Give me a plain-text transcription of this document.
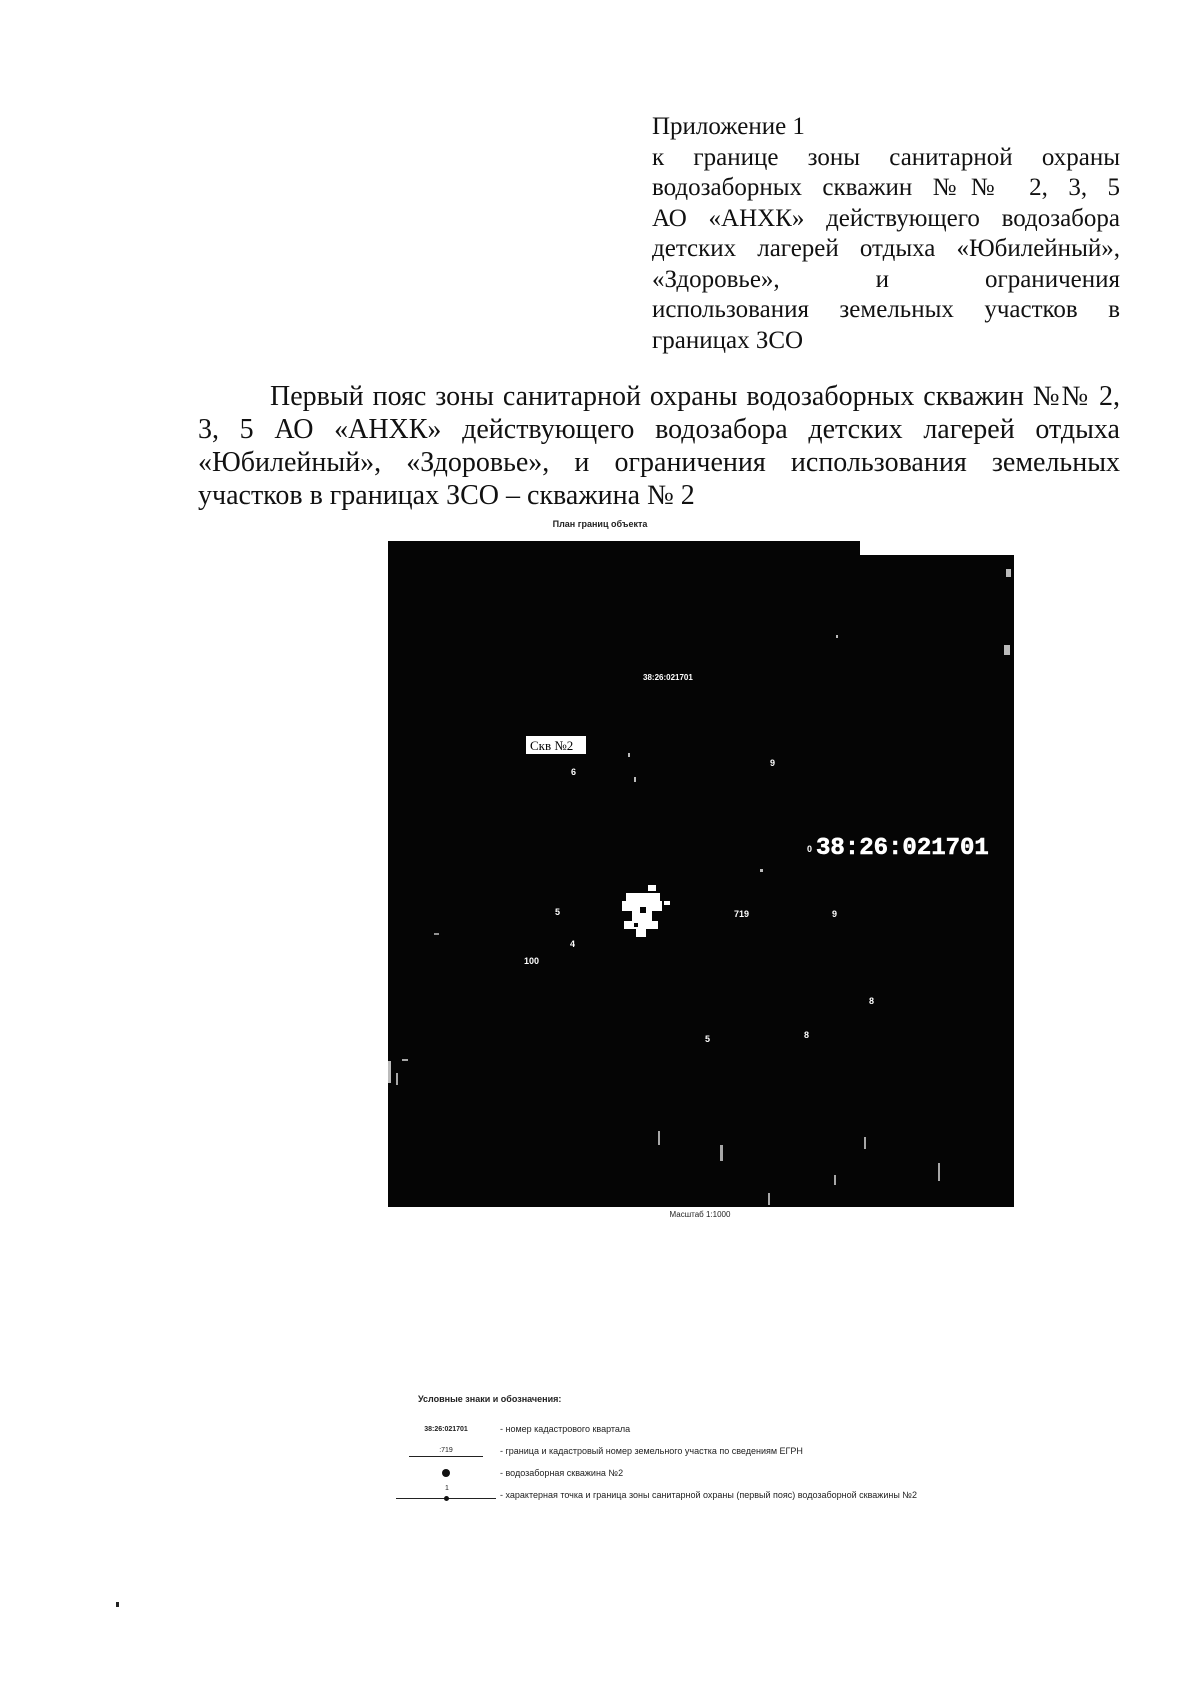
Приложение 1
к границе зоны санитарной охраны
водозаборных скважин №№ 2, 3, 5
АО «АНХК» действующего водозабора
детских лагерей отдыха «Юбилейный»,
«Здоровье», и ограничения
использования земельных участков в
границах ЗСО
Первый пояс зоны санитарной охраны водозаборных скважин №№ 2,
3, 5 АО «АНХК» действующего водозабора детских лагерей отдыха
«Юбилейный», «Здоровье», и ограничения использования земельных
участков в границах ЗСО – скважина № 2
План границ объекта
Скв №2
38:26:021701
38:26:021701
719
100
6
5
4
9
0
9
8
8
5
Масштаб 1:1000
Условные знаки и обозначения:
38:26:021701	- номер кадастрового квартала
:719	- граница и кадастровый номер земельного участка по сведениям ЕГРН
- водозаборная скважина №2
1
- характерная точка и граница зоны санитарной охраны (первый пояс) водозаборной скважины №2
